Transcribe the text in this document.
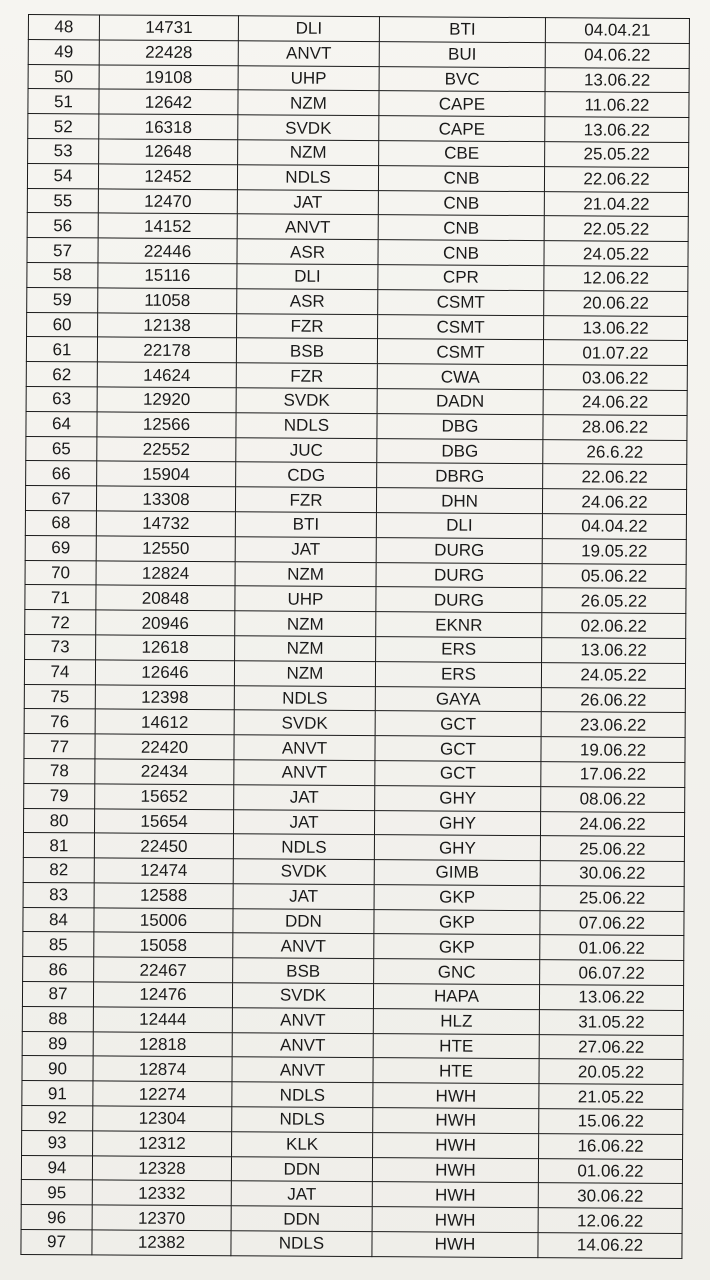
48	14731	DLI	BTI	04.04.21
49	22428	ANVT	BUI	04.06.22
50	19108	UHP	BVC	13.06.22
51	12642	NZM	CAPE	11.06.22
52	16318	SVDK	CAPE	13.06.22
53	12648	NZM	CBE	25.05.22
54	12452	NDLS	CNB	22.06.22
55	12470	JAT	CNB	21.04.22
56	14152	ANVT	CNB	22.05.22
57	22446	ASR	CNB	24.05.22
58	15116	DLI	CPR	12.06.22
59	11058	ASR	CSMT	20.06.22
60	12138	FZR	CSMT	13.06.22
61	22178	BSB	CSMT	01.07.22
62	14624	FZR	CWA	03.06.22
63	12920	SVDK	DADN	24.06.22
64	12566	NDLS	DBG	28.06.22
65	22552	JUC	DBG	26.6.22
66	15904	CDG	DBRG	22.06.22
67	13308	FZR	DHN	24.06.22
68	14732	BTI	DLI	04.04.22
69	12550	JAT	DURG	19.05.22
70	12824	NZM	DURG	05.06.22
71	20848	UHP	DURG	26.05.22
72	20946	NZM	EKNR	02.06.22
73	12618	NZM	ERS	13.06.22
74	12646	NZM	ERS	24.05.22
75	12398	NDLS	GAYA	26.06.22
76	14612	SVDK	GCT	23.06.22
77	22420	ANVT	GCT	19.06.22
78	22434	ANVT	GCT	17.06.22
79	15652	JAT	GHY	08.06.22
80	15654	JAT	GHY	24.06.22
81	22450	NDLS	GHY	25.06.22
82	12474	SVDK	GIMB	30.06.22
83	12588	JAT	GKP	25.06.22
84	15006	DDN	GKP	07.06.22
85	15058	ANVT	GKP	01.06.22
86	22467	BSB	GNC	06.07.22
87	12476	SVDK	HAPA	13.06.22
88	12444	ANVT	HLZ	31.05.22
89	12818	ANVT	HTE	27.06.22
90	12874	ANVT	HTE	20.05.22
91	12274	NDLS	HWH	21.05.22
92	12304	NDLS	HWH	15.06.22
93	12312	KLK	HWH	16.06.22
94	12328	DDN	HWH	01.06.22
95	12332	JAT	HWH	30.06.22
96	12370	DDN	HWH	12.06.22
97	12382	NDLS	HWH	14.06.22
